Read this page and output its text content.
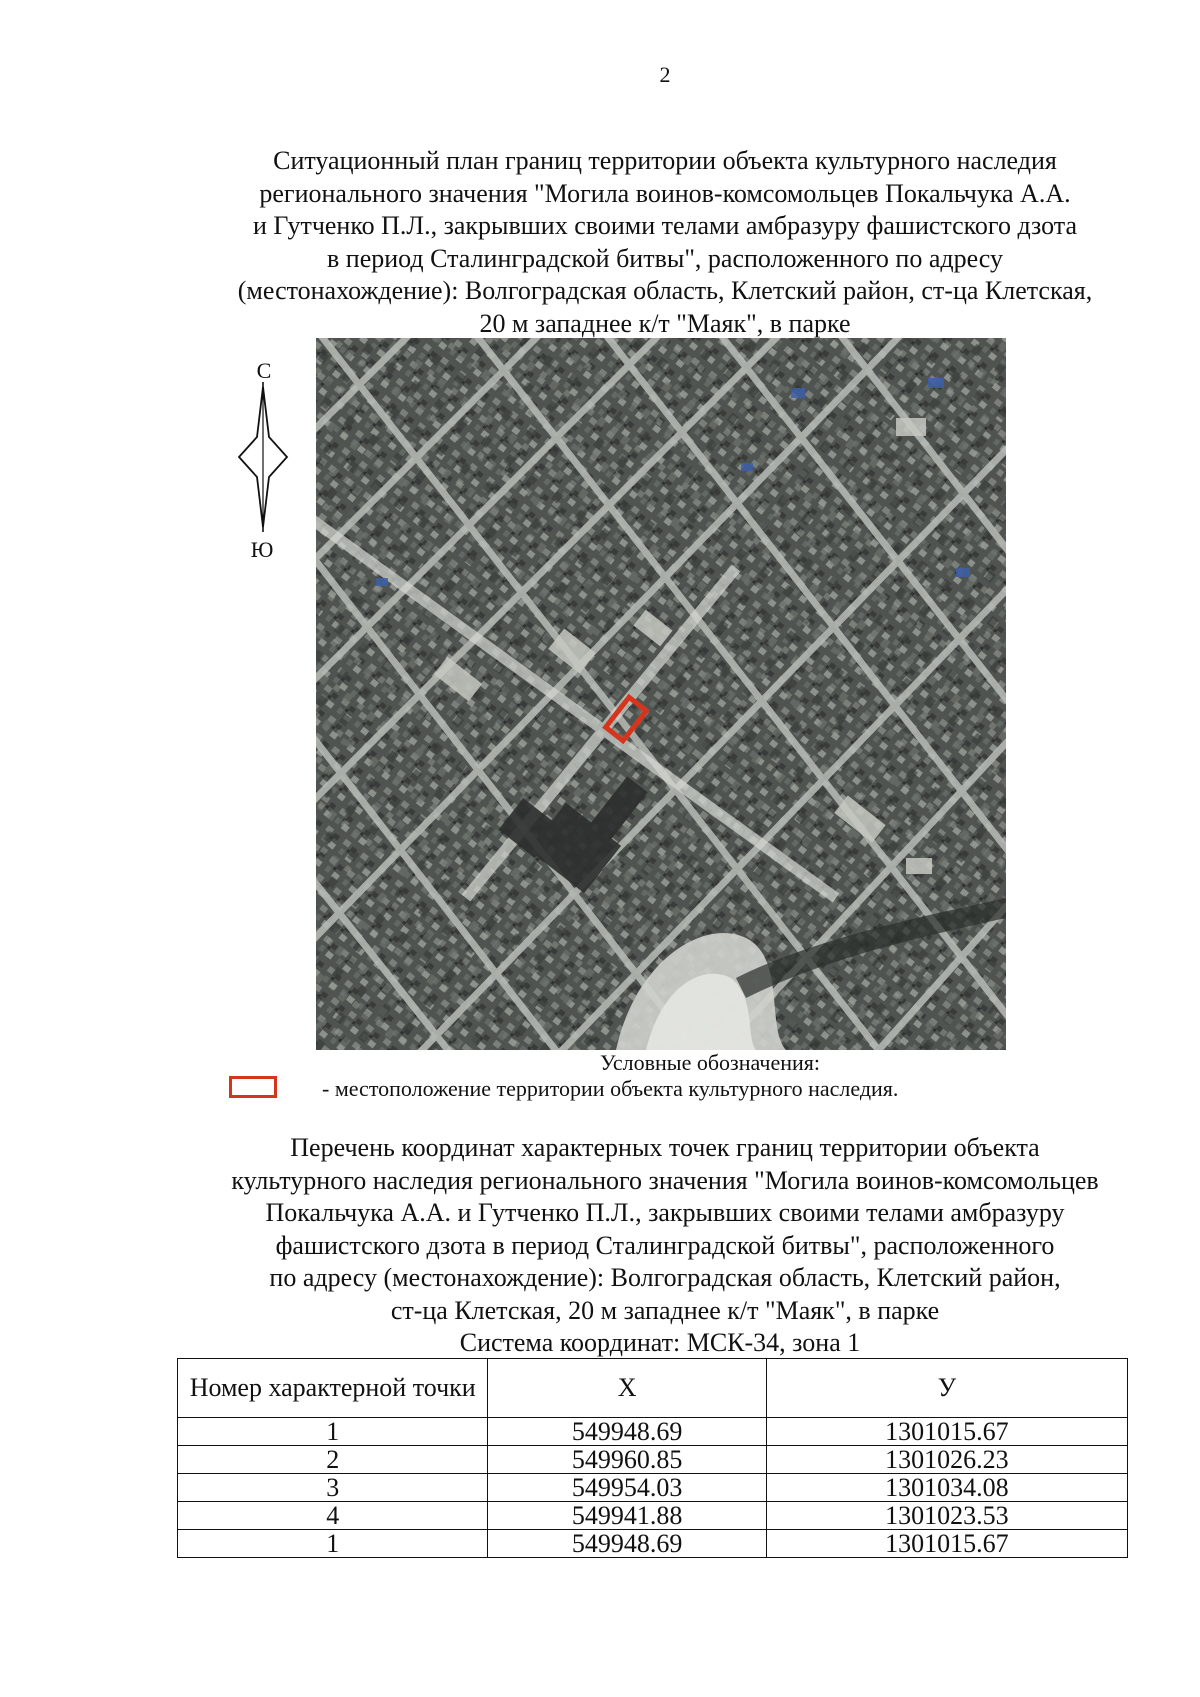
2
Ситуационный план границ территории объекта культурного наследия
регионального значения "Могила воинов-комсомольцев Покальчука А.А.
и Гутченко П.Л., закрывших своими телами амбразуру фашистского дзота
в период Сталинградской битвы", расположенного по адресу
(местонахождение): Волгоградская область, Клетский район, ст-ца Клетская,
20 м западнее к/т "Маяк", в парке
С
Ю
Условные обозначения:
- местоположение территории объекта культурного наследия.
Перечень координат характерных точек границ территории объекта
культурного наследия регионального значения "Могила воинов-комсомольцев
Покальчука А.А. и Гутченко П.Л., закрывших своими телами амбразуру
фашистского дзота в период Сталинградской битвы", расположенного
по адресу (местонахождение): Волгоградская область, Клетский район,
ст-ца Клетская, 20 м западнее к/т "Маяк", в парке
Система координат: МСК-34, зона 1
Номер характерной точки	Х	У
1	549948.69	1301015.67
2	549960.85	1301026.23
3	549954.03	1301034.08
4	549941.88	1301023.53
1	549948.69	1301015.67
